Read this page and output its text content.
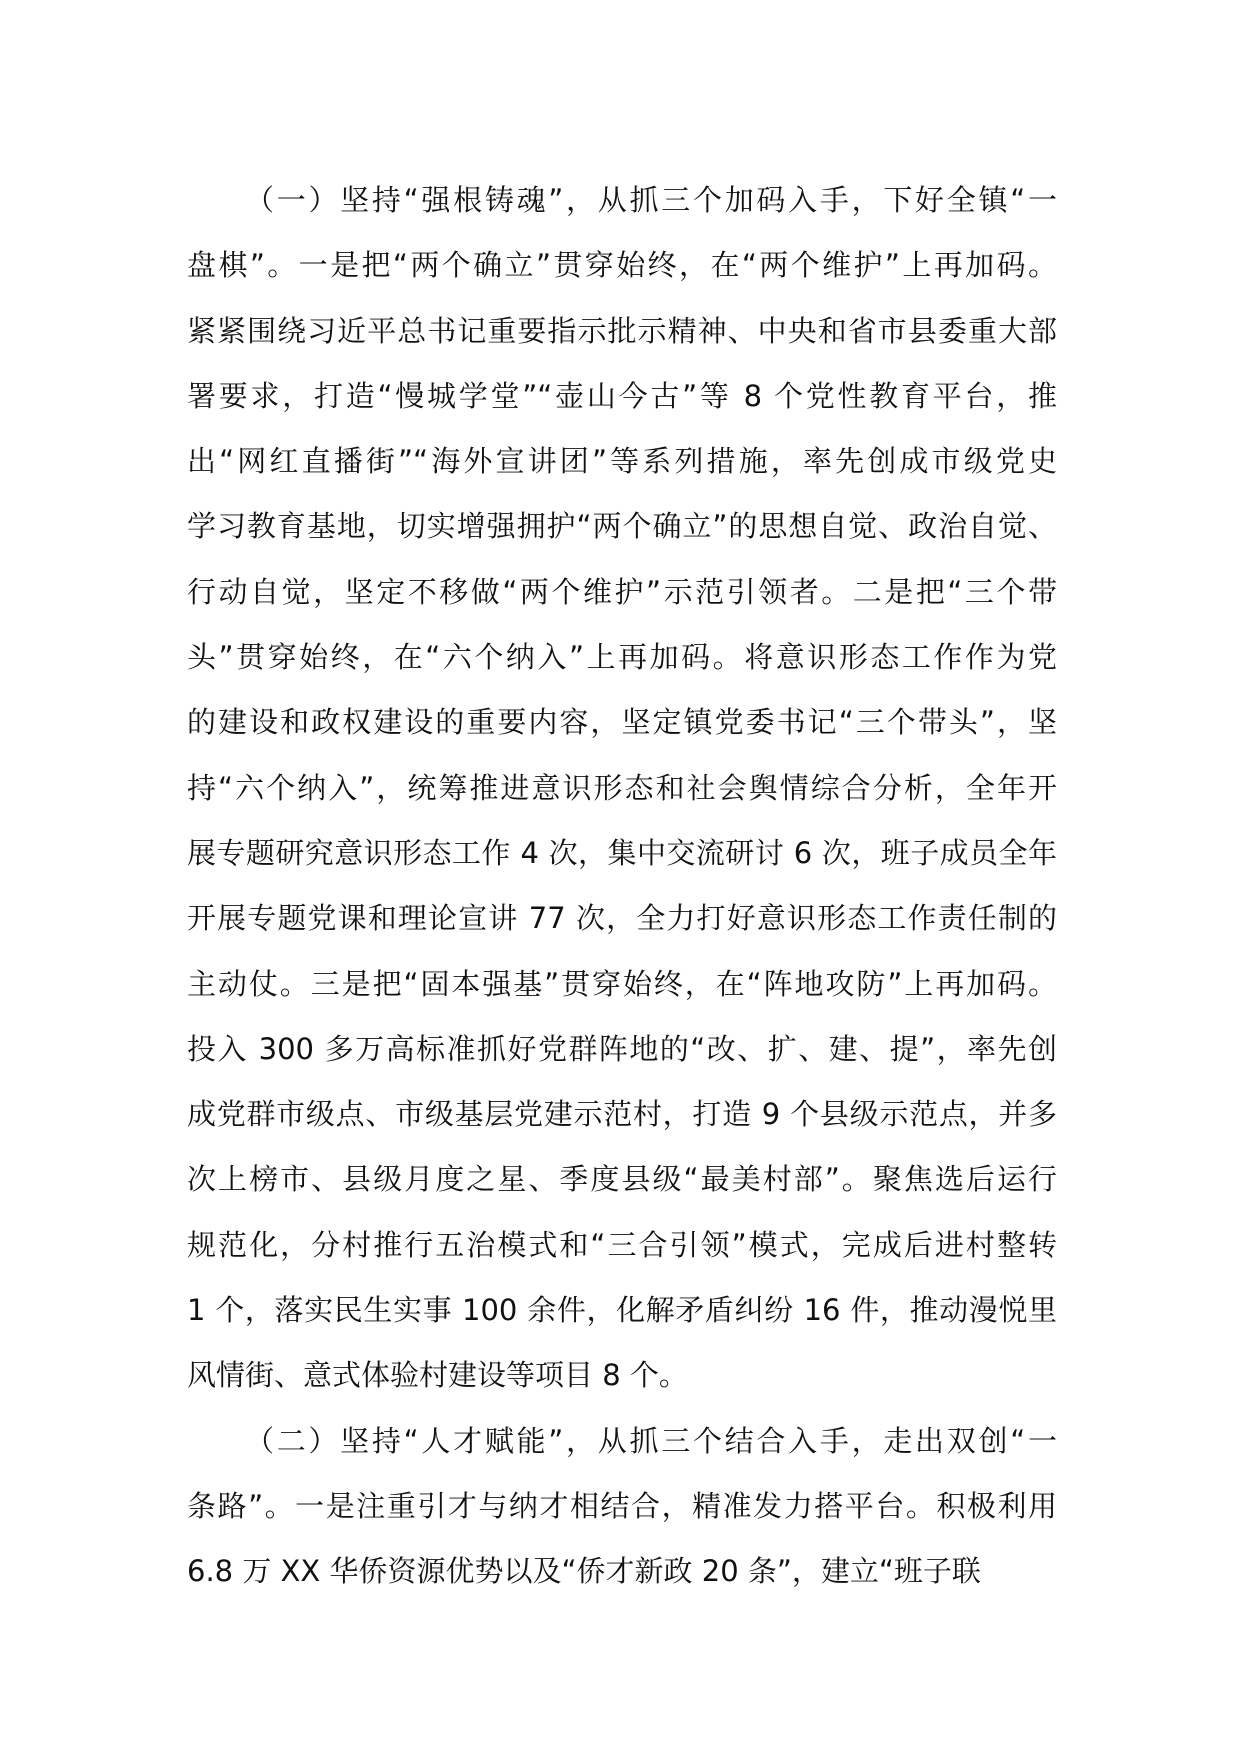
（一）坚持“强根铸魂”，从抓三个加码入手，下好全镇“一
盘棋”。一是把“两个确立”贯穿始终，在“两个维护”上再加码。
紧紧围绕习近平总书记重要指示批示精神、中央和省市县委重大部
署要求，打造“慢城学堂”“壶山今古”等 8 个党性教育平台，推
出“网红直播街”“海外宣讲团”等系列措施，率先创成市级党史
学习教育基地，切实增强拥护“两个确立”的思想自觉、政治自觉、
行动自觉，坚定不移做“两个维护”示范引领者。二是把“三个带
头”贯穿始终，在“六个纳入”上再加码。将意识形态工作作为党
的建设和政权建设的重要内容，坚定镇党委书记“三个带头”，坚
持“六个纳入”，统筹推进意识形态和社会舆情综合分析，全年开
展专题研究意识形态工作 4 次，集中交流研讨 6 次，班子成员全年
开展专题党课和理论宣讲 77 次，全力打好意识形态工作责任制的
主动仗。三是把“固本强基”贯穿始终，在“阵地攻防”上再加码。
投入 300 多万高标准抓好党群阵地的“改、扩、建、提”，率先创
成党群市级点、市级基层党建示范村，打造 9 个县级示范点，并多
次上榜市、县级月度之星、季度县级“最美村部”。聚焦选后运行
规范化，分村推行五治模式和“三合引领”模式，完成后进村整转
1 个，落实民生实事 100 余件，化解矛盾纠纷 16 件，推动漫悦里
风情街、意式体验村建设等项目 8 个。
（二）坚持“人才赋能”，从抓三个结合入手，走出双创“一
条路”。一是注重引才与纳才相结合，精准发力搭平台。积极利用
6.8 万 XX 华侨资源优势以及“侨才新政 20 条”，建立“班子联
